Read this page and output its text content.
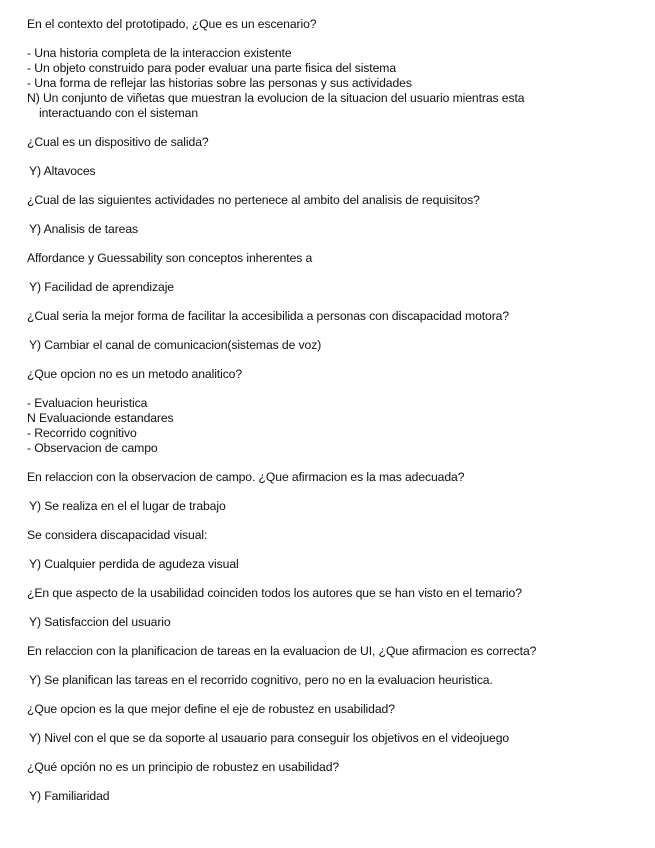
En el contexto del prototipado, ¿Que es un escenario?

- Una historia completa de la interaccion existente
- Un objeto construido para poder evaluar una parte fisica del sistema
- Una forma de reflejar las historias sobre las personas y sus actividades
N) Un conjunto de viñetas que muestran la evolucion de la situacion del usuario mientras esta
interactuando con el sisteman

¿Cual es un dispositivo de salida?

Y) Altavoces

¿Cual de las siguientes actividades no pertenece al ambito del analisis de requisitos?

Y) Analisis de tareas

Affordance y Guessability son conceptos inherentes a

Y) Facilidad de aprendizaje

¿Cual seria la mejor forma de facilitar la accesibilida a personas con discapacidad motora?

Y) Cambiar el canal de comunicacion(sistemas de voz)

¿Que opcion no es un metodo analitico?

- Evaluacion heuristica
N Evaluacionde estandares
- Recorrido cognitivo
- Observacion de campo

En relaccion con la observacion de campo. ¿Que afirmacion es la mas adecuada?

Y) Se realiza en el el lugar de trabajo

Se considera discapacidad visual:

Y) Cualquier perdida de agudeza visual

¿En que aspecto de la usabilidad coinciden todos los autores que se han visto en el temario?

Y) Satisfaccion del usuario

En relaccion con la planificacion de tareas en la evaluacion de UI, ¿Que afirmacion es correcta?

Y) Se planifican las tareas en el recorrido cognitivo, pero no en la evaluacion heuristica.

¿Que opcion es la que mejor define el eje de robustez en usabilidad?

Y) Nivel con el que se da soporte al usauario para conseguir los objetivos en el videojuego

¿Qué opción no es un principio de robustez en usabilidad?

Y) Familiaridad
